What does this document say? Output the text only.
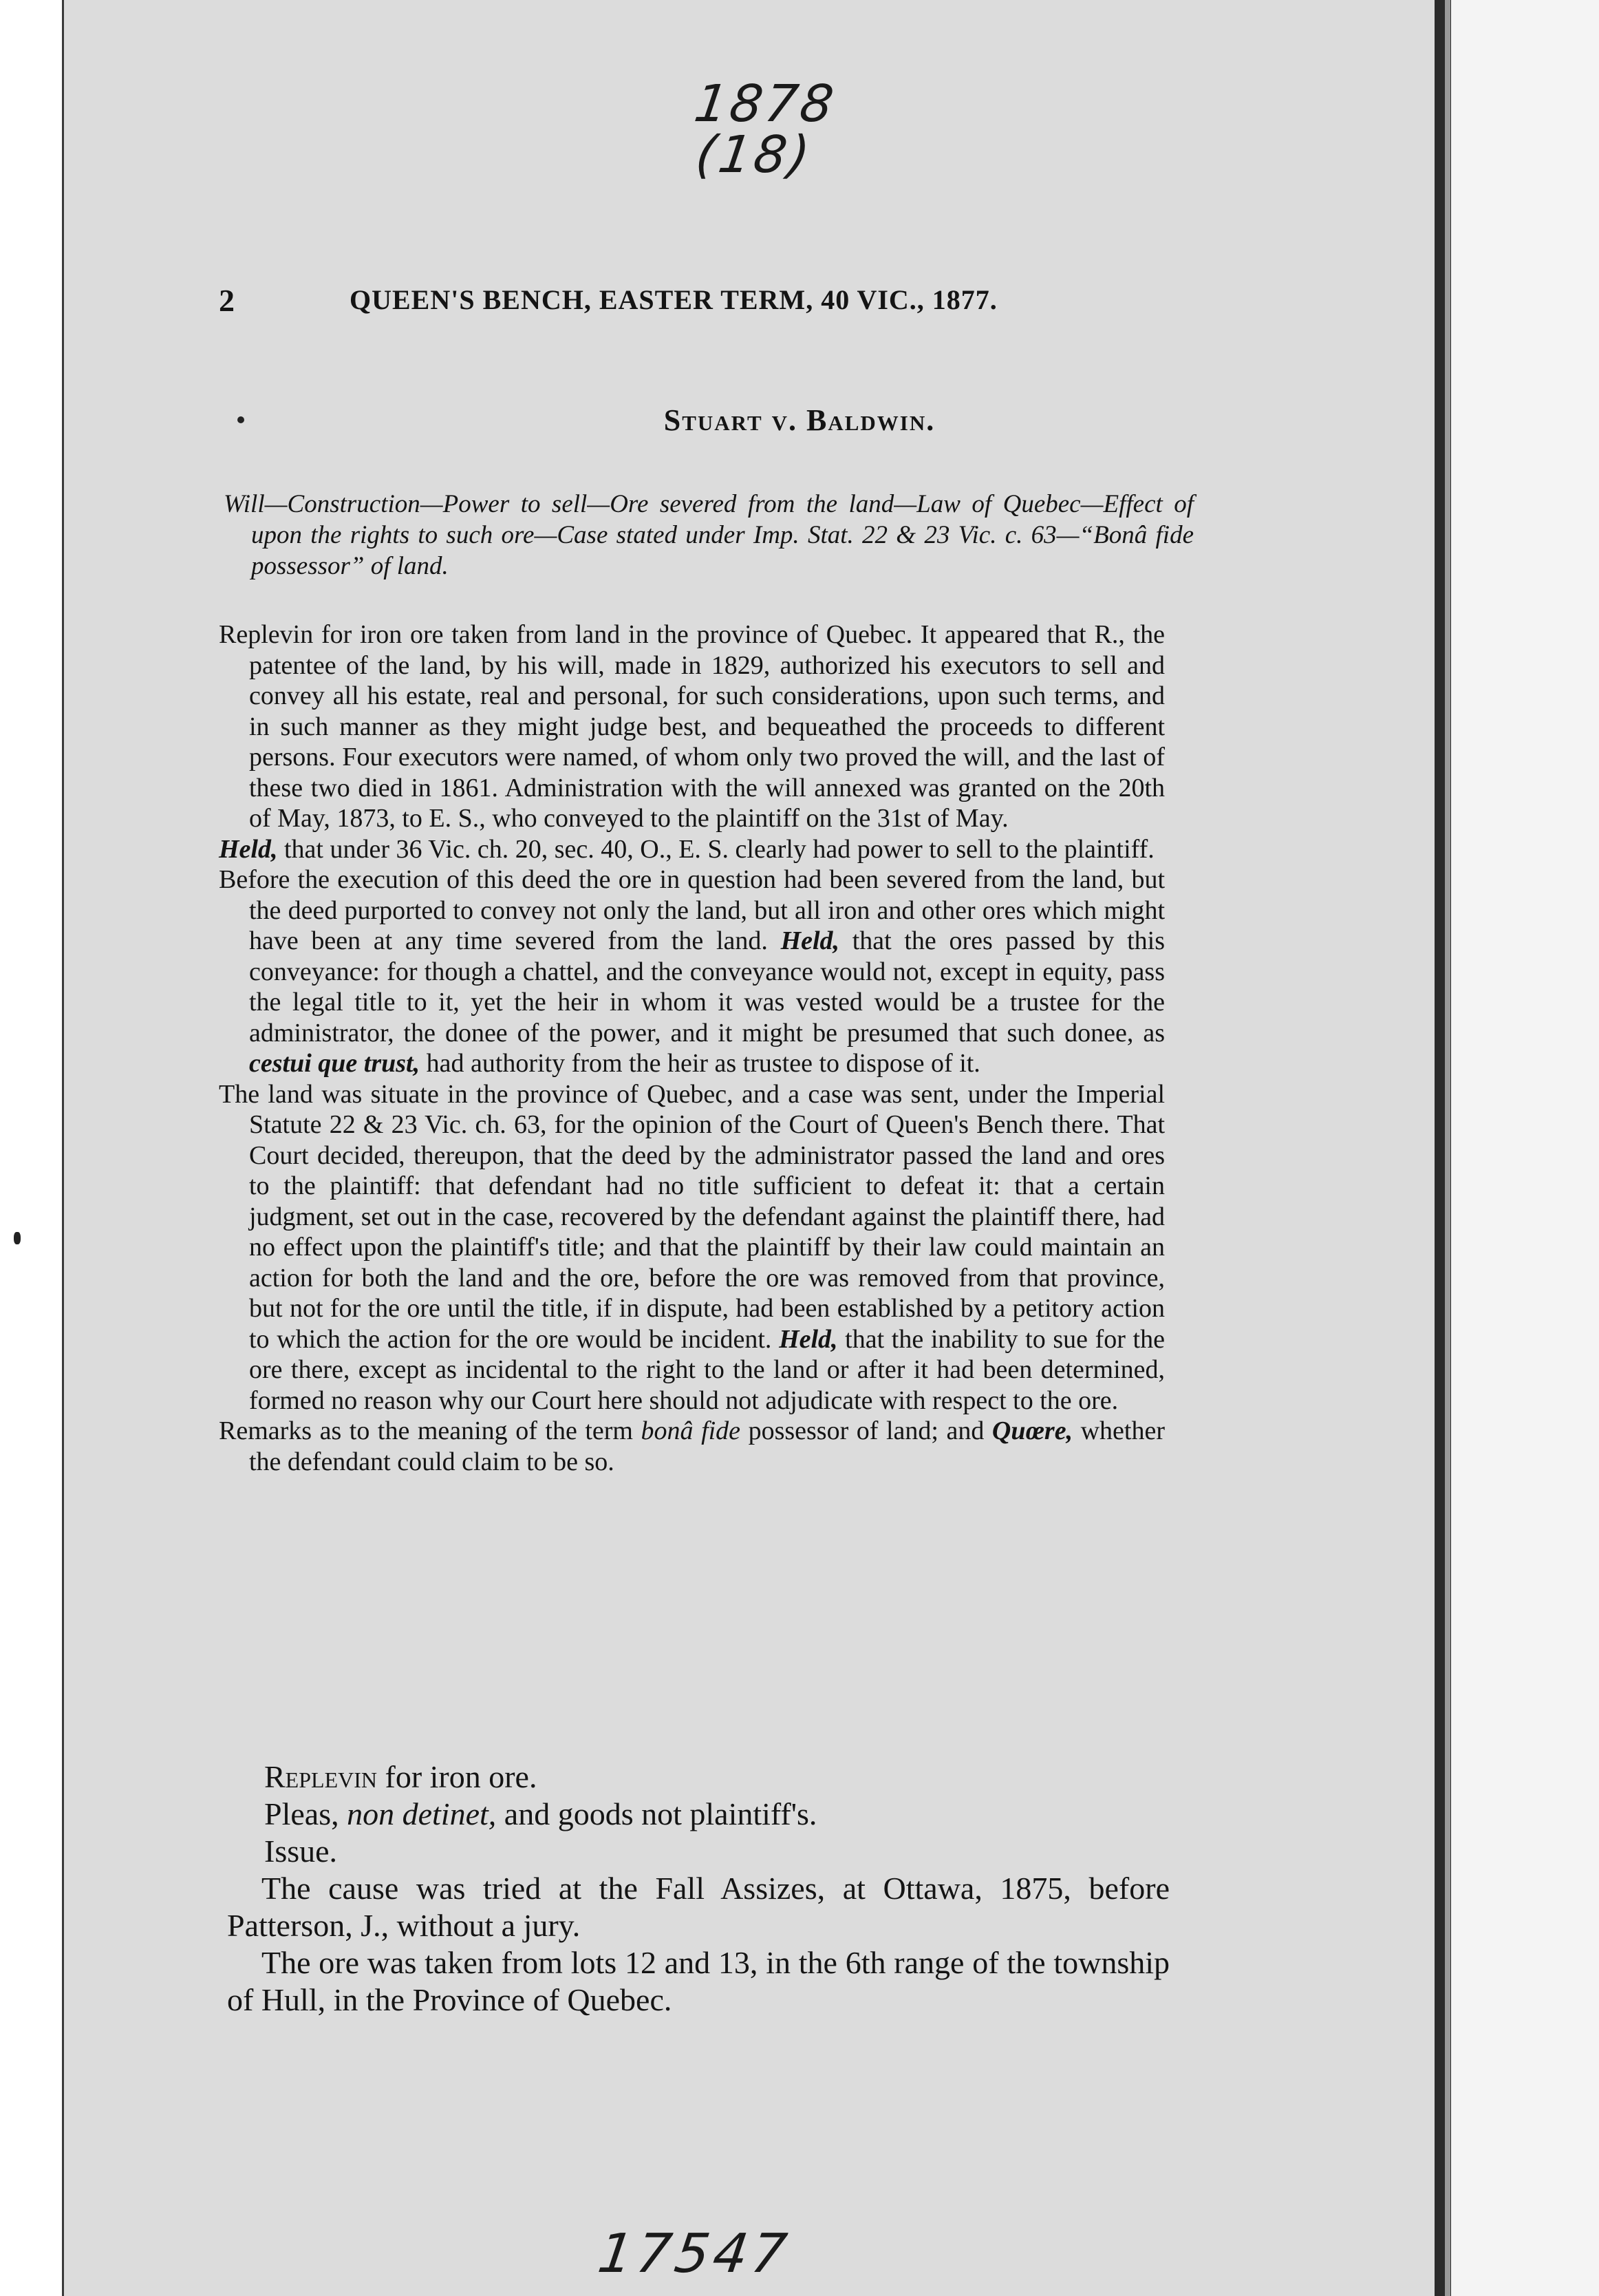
1878
(18)
2	QUEEN'S BENCH, EASTER TERM, 40 VIC., 1877.
Stuart v. Baldwin.
Will—Construction—Power to sell—Ore severed from the land—Law of Quebec—Effect of upon the rights to such ore—Case stated under Imp. Stat. 22 & 23 Vic. c. 63—“Bonâ fide possessor” of land.

Replevin for iron ore taken from land in the province of Quebec. It appeared that R., the patentee of the land, by his will, made in 1829, authorized his executors to sell and convey all his estate, real and personal, for such considerations, upon such terms, and in such manner as they might judge best, and bequeathed the proceeds to different persons. Four executors were named, of whom only two proved the will, and the last of these two died in 1861. Administration with the will annexed was granted on the 20th of May, 1873, to E. S., who conveyed to the plaintiff on the 31st of May.

Held, that under 36 Vic. ch. 20, sec. 40, O., E. S. clearly had power to sell to the plaintiff.

Before the execution of this deed the ore in question had been severed from the land, but the deed purported to convey not only the land, but all iron and other ores which might have been at any time severed from the land. Held, that the ores passed by this conveyance: for though a chattel, and the conveyance would not, except in equity, pass the legal title to it, yet the heir in whom it was vested would be a trustee for the administrator, the donee of the power, and it might be presumed that such donee, as cestui que trust, had authority from the heir as trustee to dispose of it.

The land was situate in the province of Quebec, and a case was sent, under the Imperial Statute 22 & 23 Vic. ch. 63, for the opinion of the Court of Queen's Bench there. That Court decided, thereupon, that the deed by the administrator passed the land and ores to the plaintiff: that defendant had no title sufficient to defeat it: that a certain judgment, set out in the case, recovered by the defendant against the plaintiff there, had no effect upon the plaintiff's title; and that the plaintiff by their law could maintain an action for both the land and the ore, before the ore was removed from that province, but not for the ore until the title, if in dispute, had been established by a petitory action to which the action for the ore would be incident. Held, that the inability to sue for the ore there, except as incidental to the right to the land or after it had been determined, formed no reason why our Court here should not adjudicate with respect to the ore.

Remarks as to the meaning of the term bonâ fide possessor of land; and Quœre, whether the defendant could claim to be so.

Replevin for iron ore.

Pleas, non detinet, and goods not plaintiff's.

Issue.

The cause was tried at the Fall Assizes, at Ottawa, 1875, before Patterson, J., without a jury.

The ore was taken from lots 12 and 13, in the 6th range of the township of Hull, in the Province of Quebec.

17547
